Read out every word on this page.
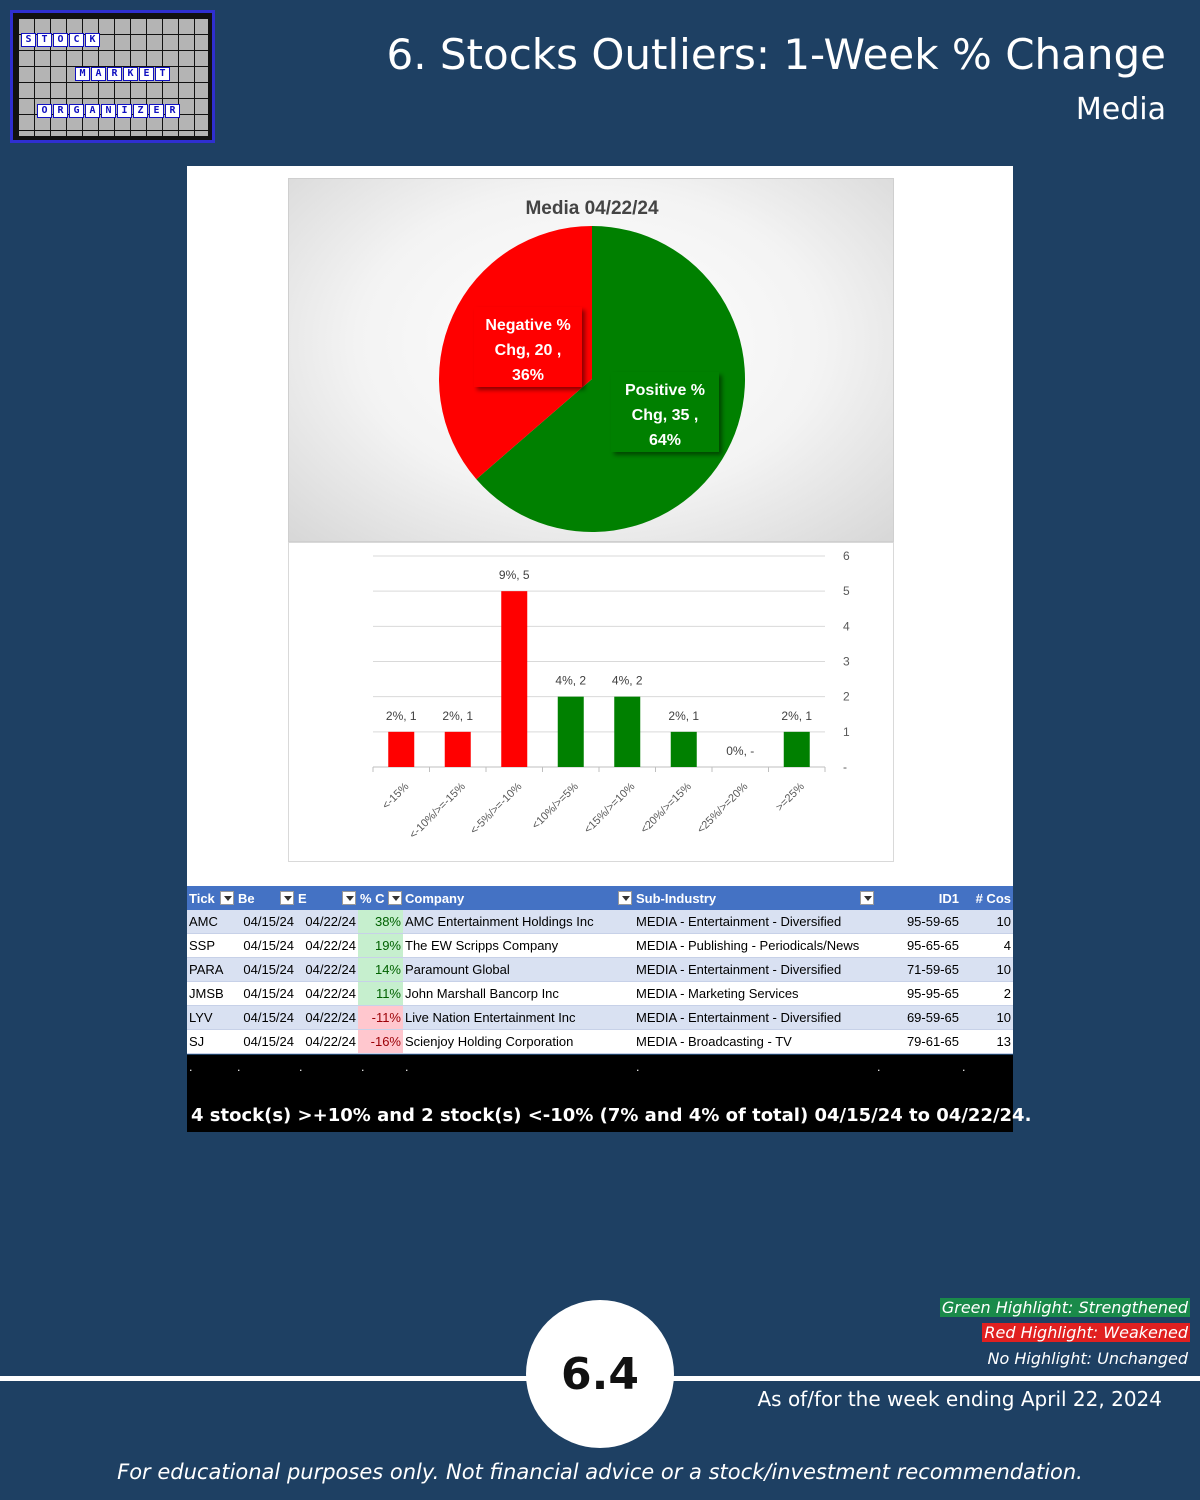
S T O C K
M A R K E T
O R G A N I Z E R
6. Stocks Outliers: 1-Week % Change
Media
Media 04/22/24
Positive %
Chg, 35 ,
64%
Negative %
Chg, 20 ,
36%
2%, 1 2%, 1
9%, 5
4%, 2 4%, 2
2%, 1
0%, -
2%, 1
-
1
2
3
4
5
6
<-15%
<-10%/>=-15% <-5%/>=-10% <10%/>=5% <15%/>=10% <20%/>=15% <25%/>=20% >=25%
Tick Be	E	% C Company	Sub-Industry	ID1 # Cos
AMC	04/15/24 04/22/24	38% AMC Entertainment Holdings Inc	MEDIA - Entertainment - Diversified	95-59-65	10
SSP	04/15/24 04/22/24	19% The EW Scripps Company	MEDIA - Publishing - Periodicals/News	95-65-65	4
PARA	04/15/24 04/22/24	14% Paramount Global	MEDIA - Entertainment - Diversified	71-59-65	10
JMSB	04/15/24 04/22/24	11% John Marshall Bancorp Inc	MEDIA - Marketing Services	95-95-65	2
LYV	04/15/24 04/22/24	-11% Live Nation Entertainment Inc	MEDIA - Entertainment - Diversified	69-59-65	10
SJ	04/15/24 04/22/24	-16% Scienjoy Holding Corporation	MEDIA - Broadcasting - TV	79-61-65	13
.	.	.	.	.	.	.	.
4 stock(s) >+10% and 2 stock(s) <-10% (7% and 4% of total) 04/15/24 to 04/22/24.
Green Highlight: Strengthened
Red Highlight: Weakened
No Highlight: Unchanged
6.4	As of/for the week ending April 22, 2024
For educational purposes only. Not financial advice or a stock/investment recommendation.
